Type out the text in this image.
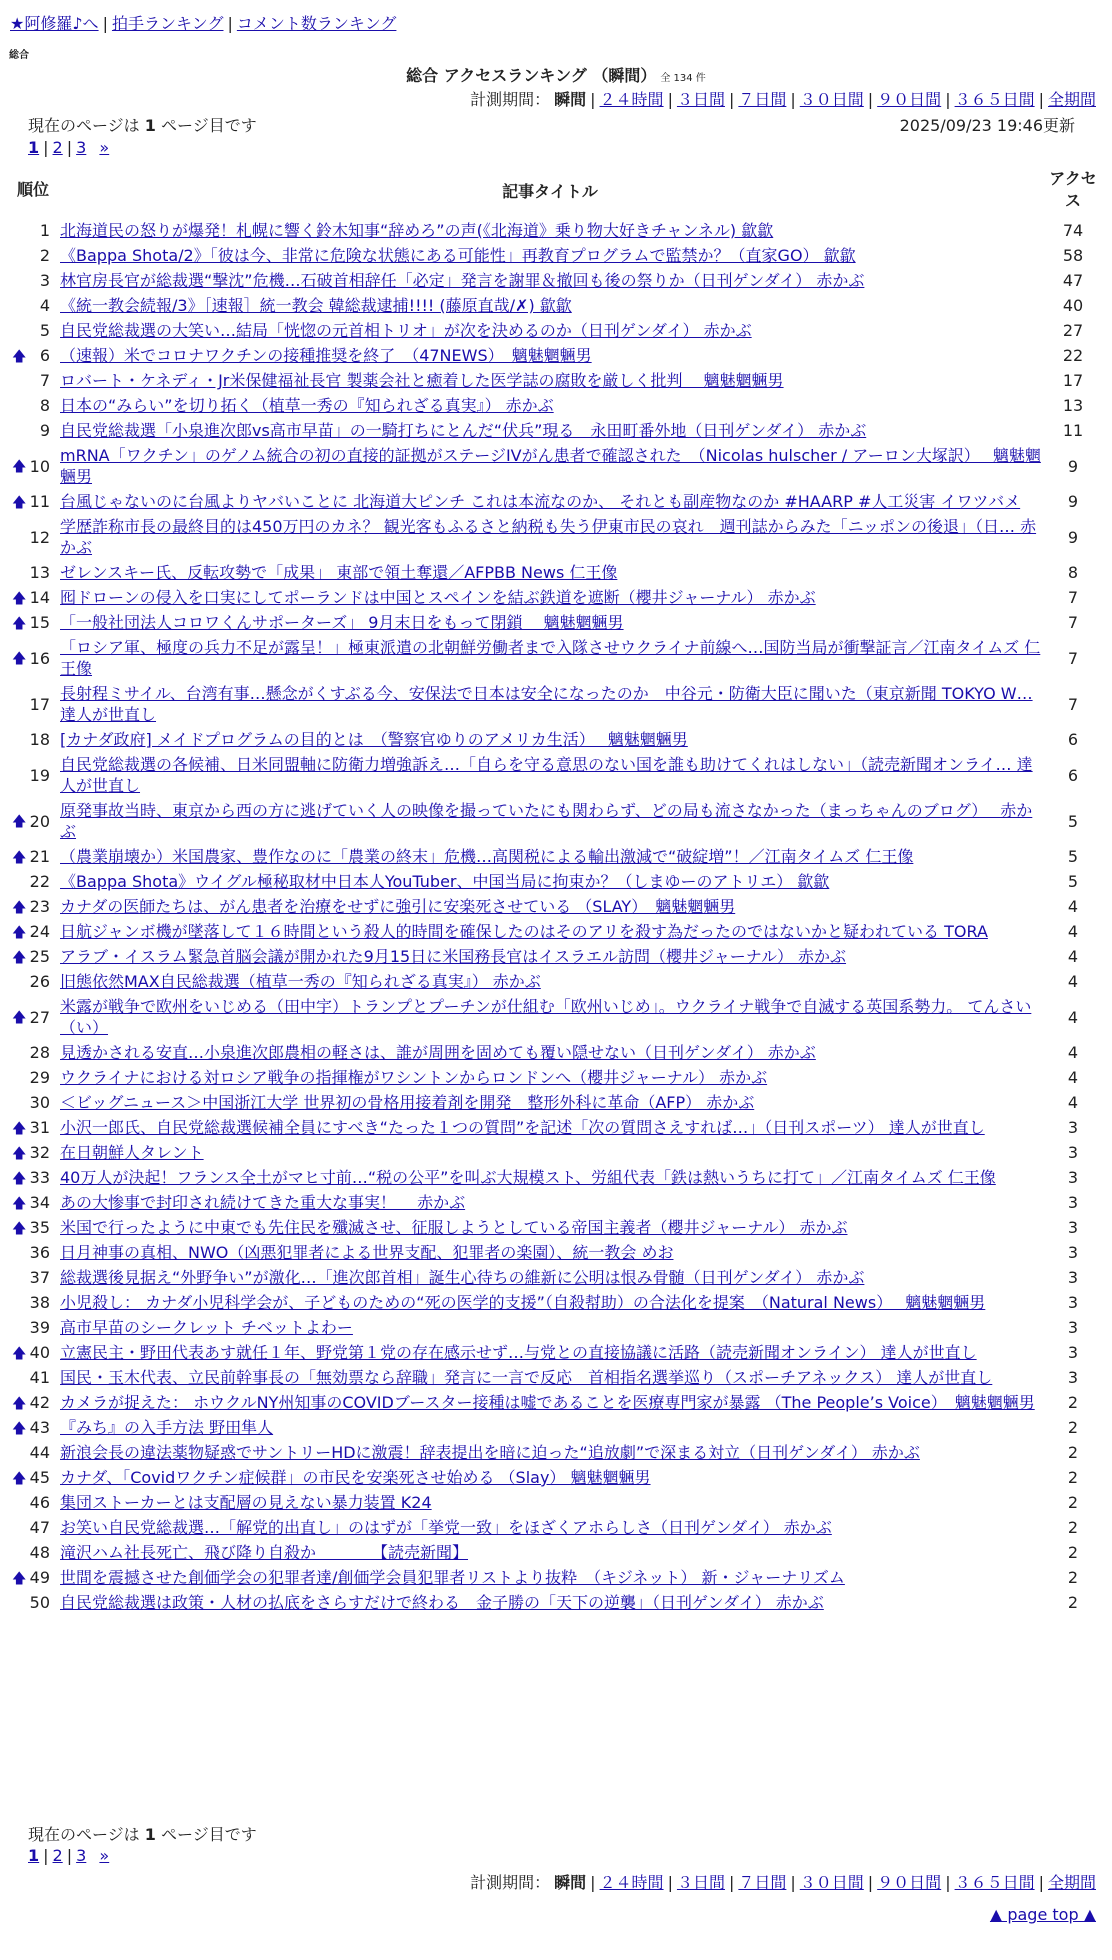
★阿修羅♪へ | 拍手ランキング | コメント数ランキング
総合
総合 アクセスランキング （瞬間） 全 134 件
計測期間： 瞬間 | ２４時間 | ３日間 | ７日間 | ３０日間 | ９０日間 | ３６５日間 | 全期間
現在のページは 1 ページ目です	2025/09/23 19:46更新
1 | 2 | 3 »
順位	記事タイトル	アクセス
1	北海道民の怒りが爆発！札幌に響く鈴木知事“辞めろ”の声(《北海道》乗り物大好きチャンネル) 歙歙	74
2	《Bappa Shota/2》「彼は今、非常に危険な状態にある可能性」再教育プログラムで監禁か？（直家GO） 歙歙	58
3	林官房長官が総裁選“撃沈”危機…石破首相辞任「必定」発言を謝罪＆撤回も後の祭りか（日刊ゲンダイ） 赤かぶ	47
4	《統一教会続報/3》［速報］統一教会 韓総裁逮捕!!!! (藤原直哉/✗) 歙歙	40
5	自民党総裁選の大笑い…結局「恍惚の元首相トリオ」が次を決めるのか（日刊ゲンダイ） 赤かぶ	27

🡅 6	（速報）米でコロナワクチンの接種推奨を終了　（47NEWS）　魑魅魍魎男	22
7	ロバート・ケネディ・Jr米保健福祉長官 製薬会社と癒着した医学誌の腐敗を厳しく批判　 魑魅魍魎男	17
8	日本の“みらい”を切り拓く（植草一秀の『知られざる真実』） 赤かぶ	13
9	自民党総裁選「小泉進次郎vs高市早苗」の一騎打ちにとんだ“伏兵”現る　永田町番外地（日刊ゲンダイ） 赤かぶ	11

🡅 10	mRNA「ワクチン」のゲノム統合の初の直接的証拠がステージIVがん患者で確認された　（Nicolas hulscher / アーロン大塚訳）　 魑魅魍魎男	9

🡅 11	台風じゃないのに台風よりヤバいことに 北海道大ピンチ これは本流なのか、 それとも副産物なのか #HAARP #人工災害 イワツバメ	9
12	学歴詐称市長の最終目的は450万円のカネ？ 観光客もふるさと納税も失う伊東市民の哀れ　週刊誌からみた「ニッポンの後退」（日… 赤かぶ	9
13	ゼレンスキー氏、反転攻勢で「成果」 東部で領土奪還／AFPBB News 仁王像	8

🡅 14	囮ドローンの侵入を口実にしてポーランドは中国とスペインを結ぶ鉄道を遮断（櫻井ジャーナル） 赤かぶ	7

🡅 15	「一般社団法人コロワくんサポーターズ」 9月末日をもって閉鎖　 魑魅魍魎男	7

🡅 16	「ロシア軍、極度の兵力不足が露呈！」極東派遣の北朝鮮労働者まで入隊させウクライナ前線へ…国防当局が衝撃証言／江南タイムズ 仁王像	7
17	長射程ミサイル、台湾有事…懸念がくすぶる今、安保法で日本は安全になったのか　中谷元・防衛大臣に聞いた（東京新聞 TOKYO W… 達人が世直し	7
18	[カナダ政府] メイドプログラムの目的とは　（警察官ゆりのアメリカ生活）　 魑魅魍魎男	6
19	自民党総裁選の各候補、日米同盟軸に防衛力増強訴え…「自らを守る意思のない国を誰も助けてくれはしない」（読売新聞オンライ… 達人が世直し	6

🡅 20	原発事故当時、東京から西の方に逃げていく人の映像を撮っていたにも関わらず、どの局も流さなかった（まっちゃんのブログ）　 赤かぶ	5

🡅 21	（農業崩壊か）米国農家、豊作なのに「農業の終末」危機…高関税による輸出激減で“破綻増”！／江南タイムズ 仁王像	5
22	《Bappa Shota》ウイグル極秘取材中日本人YouTuber、中国当局に拘束か？（しまゆーのアトリエ） 歙歙	5

🡅 23	カナダの医師たちは、がん患者を治療をせずに強引に安楽死させている （SLAY）　魑魅魍魎男	4

🡅 24	日航ジャンボ機が墜落して１６時間という殺人的時間を確保したのはそのアリを殺す為だったのではないかと疑われている TORA	4

🡅 25	アラブ・イスラム緊急首脳会議が開かれた9月15日に米国務長官はイスラエル訪問（櫻井ジャーナル） 赤かぶ	4
26	旧態依然MAX自民総裁選（植草一秀の『知られざる真実』） 赤かぶ	4

🡅 27	米露が戦争で欧州をいじめる（田中宇）トランプとプーチンが仕組む「欧州いじめ」。ウクライナ戦争で自滅する英国系勢力。 てんさい（い）	4
28	見透かされる安直…小泉進次郎農相の軽さは、誰が周囲を固めても覆い隠せない（日刊ゲンダイ） 赤かぶ	4
29	ウクライナにおける対ロシア戦争の指揮権がワシントンからロンドンへ（櫻井ジャーナル） 赤かぶ	4
30	＜ビッグニュース＞中国浙江大学 世界初の骨格用接着剤を開発　整形外科に革命（AFP） 赤かぶ	4

🡅 31	小沢一郎氏、自民党総裁選候補全員にすべき“たった１つの質問”を記述「次の質問さえすれば…」（日刊スポーツ） 達人が世直し	3

🡅 32	在日朝鮮人タレント	3

🡅 33	40万人が決起！フランス全土がマヒ寸前…“税の公平”を叫ぶ大規模スト、労組代表「鉄は熱いうちに打て」／江南タイムズ 仁王像	3

🡅 34	あの大惨事で封印され続けてきた重大な事実！　 赤かぶ	3

🡅 35	米国で行ったように中東でも先住民を殲滅させ、征服しようとしている帝国主義者（櫻井ジャーナル） 赤かぶ	3
36	日月神事の真相、NWO（凶悪犯罪者による世界支配、犯罪者の楽園）、統一教会 めお	3
37	総裁選後見据え“外野争い”が激化…「進次郎首相」誕生心待ちの維新に公明は恨み骨髄（日刊ゲンダイ） 赤かぶ	3
38	小児殺し： カナダ小児科学会が、子どものための“死の医学的支援”（自殺幇助）の合法化を提案　（Natural News）　 魑魅魍魎男	3
39	高市早苗のシークレット チベットよわー	3

🡅 40	立憲民主・野田代表あす就任１年、野党第１党の存在感示せず…与党との直接協議に活路（読売新聞オンライン） 達人が世直し	3
41	国民・玉木代表、立民前幹事長の「無効票なら辞職」発言に一言で反応　首相指名選挙巡り（スポーチアネックス） 達人が世直し	3

🡅 42	カメラが捉えた： ホウクルNY州知事のCOVIDブースター接種は嘘であることを医療専門家が暴露 （The People’s Voice）　魑魅魍魎男	2

🡅 43	『みち』の入手方法 野田隼人	2
44	新浪会長の違法薬物疑惑でサントリーHDに激震！辞表提出を暗に迫った“追放劇”で深まる対立（日刊ゲンダイ） 赤かぶ	2

🡅 45	カナダ、「Covidワクチン症候群」の市民を安楽死させ始める （Slay） 魑魅魍魎男	2
46	集団ストーカーとは支配層の見えない暴力装置 K24	2
47	お笑い自民党総裁選…「解党的出直し」のはずが「挙党一致」をほざくアホらしさ（日刊ゲンダイ） 赤かぶ	2
48	滝沢ハム社長死亡、飛び降り自殺か　　　　【読売新聞】	2

🡅 49	世間を震撼させた創価学会の犯罪者達/創価学会員犯罪者リストより抜粋　（キジネット） 新・ジャーナリズム	2
50	自民党総裁選は政策・人材の払底をさらすだけで終わる　金子勝の「天下の逆襲」（日刊ゲンダイ） 赤かぶ	2
現在のページは 1 ページ目です
1 | 2 | 3 »
計測期間： 瞬間 | ２４時間 | ３日間 | ７日間 | ３０日間 | ９０日間 | ３６５日間 | 全期間
▲ page top ▲
